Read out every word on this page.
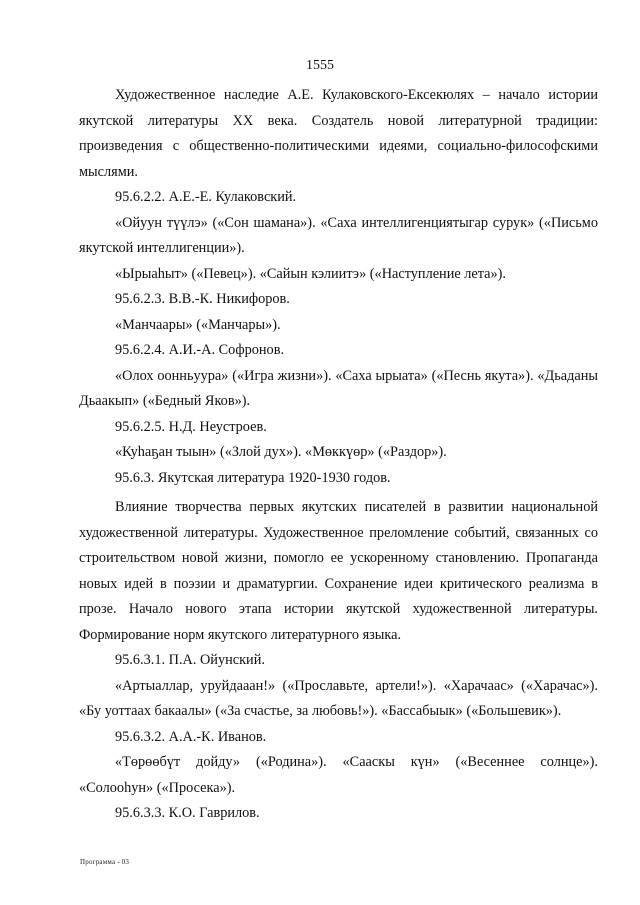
1555

Художественное наследие А.Е. Кулаковского-Ексекюлях – начало истории якутской литературы XX века. Создатель новой литературной традиции: произведения с общественно-политическими идеями, социально-философскими мыслями.

95.6.2.2. А.Е.-Е. Кулаковский.

«Ойуун түүлэ» («Сон шамана»). «Саха интеллигенциятыгар сурук» («Письмо якутской интеллигенции»).

«Ырыаһыт» («Певец»). «Сайын кэлиитэ» («Наступление лета»).

95.6.2.3. В.В.-К. Никифоров.

«Манчаары» («Манчары»).

95.6.2.4. А.И.-А. Софронов.

«Олох оонньуура» («Игра жизни»). «Саха ырыата» («Песнь якута»). «Дьаданы Дьаакып» («Бедный Яков»).

95.6.2.5. Н.Д. Неустроев.

«Куһаҕан тыын» («Злой дух»). «Мөккүөр» («Раздор»).

95.6.3. Якутская литература 1920-1930 годов.

Влияние творчества первых якутских писателей в развитии национальной художественной литературы. Художественное преломление событий, связанных со строительством новой жизни, помогло ее ускоренному становлению. Пропаганда новых идей в поэзии и драматургии. Сохранение идеи критического реализма в прозе. Начало нового этапа истории якутской художественной литературы. Формирование норм якутского литературного языка.

95.6.3.1. П.А. Ойунский.

«Артыаллар, уруйдааан!» («Прославьте, артели!»). «Харачаас» («Харачас»). «Бу уоттаах бакаалы» («За счастье, за любовь!»). «Бассабыык» («Большевик»).

95.6.3.2. А.А.-К. Иванов.

«Төрөөбүт дойду» («Родина»). «Сааскы күн» («Весеннее солнце»). «Солооһун» («Просека»).

95.6.3.3. К.О. Гаврилов.

Программа - 03
